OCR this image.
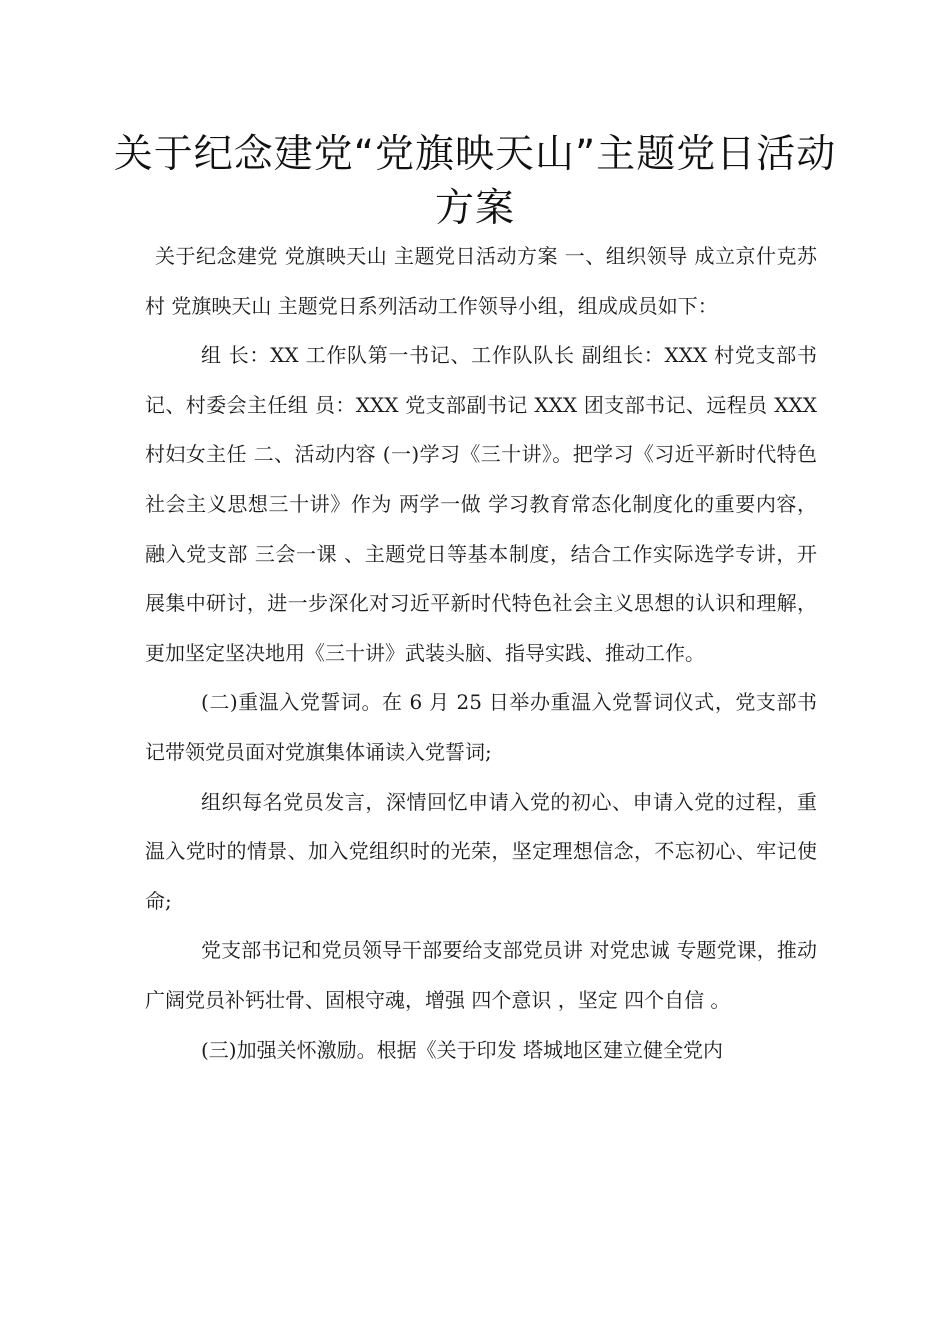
关于纪念建党“党旗映天山”主题党日活动方案

关于纪念建党 党旗映天山 主题党日活动方案 一、组织领导 成立京什克苏村 党旗映天山 主题党日系列活动工作领导小组，组成成员如下：

组 长：XX 工作队第一书记、工作队队长 副组长：XXX 村党支部书记、村委会主任组 员：XXX 党支部副书记 XXX 团支部书记、远程员 XXX 村妇女主任 二、活动内容 (一)学习《三十讲》。把学习《习近平新时代特色社会主义思想三十讲》作为 两学一做 学习教育常态化制度化的重要内容，融入党支部 三会一课 、主题党日等基本制度，结合工作实际选学专讲，开展集中研讨，进一步深化对习近平新时代特色社会主义思想的认识和理解，更加坚定坚决地用《三十讲》武装头脑、指导实践、推动工作。

(二)重温入党誓词。在 6 月 25 日举办重温入党誓词仪式，党支部书记带领党员面对党旗集体诵读入党誓词;

组织每名党员发言，深情回忆申请入党的初心、申请入党的过程，重温入党时的情景、加入党组织时的光荣，坚定理想信念，不忘初心、牢记使命;

党支部书记和党员领导干部要给支部党员讲 对党忠诚 专题党课，推动广阔党员补钙壮骨、固根守魂，增强 四个意识 ，坚定 四个自信 。

(三)加强关怀激励。根据《关于印发 塔城地区建立健全党内
